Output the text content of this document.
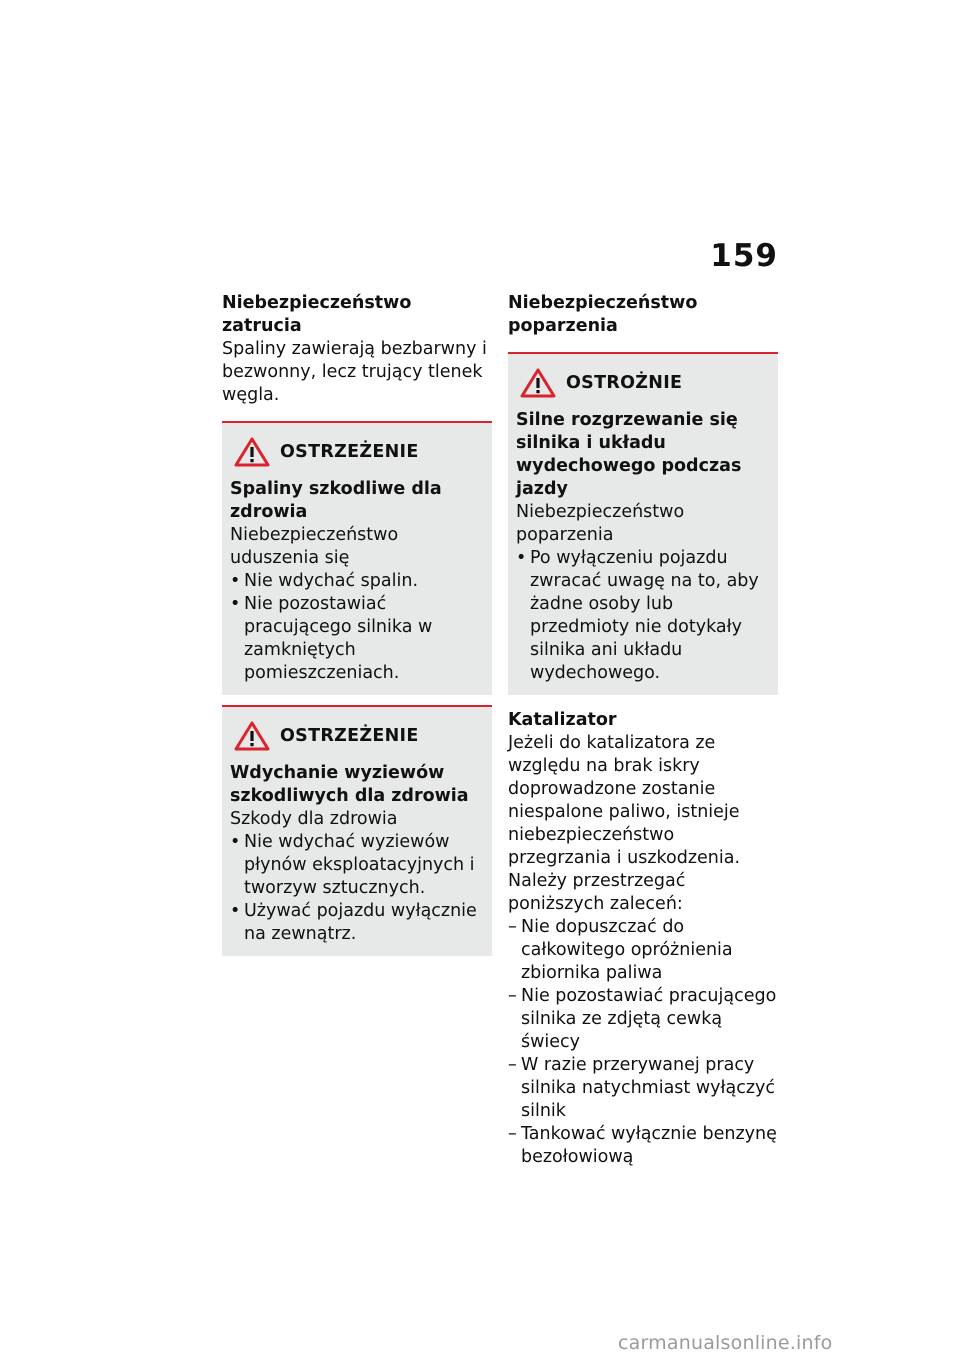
159

Niebezpieczeństwo zatrucia

Spaliny zawierają bezbarwny i bezwonny, lecz trujący tlenek węgla.

OSTRZEŻENIE

Spaliny szkodliwe dla zdrowia

Niebezpieczeństwo uduszenia się

• Nie wdychać spalin.
• Nie pozostawiać pracującego silnika w zamkniętych pomieszczeniach.
OSTRZEŻENIE

Wdychanie wyziewów szkodliwych dla zdrowia

Szkody dla zdrowia

• Nie wdychać wyziewów płynów eksploatacyjnych i tworzyw sztucznych.
• Używać pojazdu wyłącznie na zewnątrz.

Niebezpieczeństwo poparzenia

OSTROŻNIE

Silne rozgrzewanie się silnika i układu wydechowego podczas jazdy

Niebezpieczeństwo poparzenia

• Po wyłączeniu pojazdu zwracać uwagę na to, aby żadne osoby lub przedmioty nie dotykały silnika ani układu wydechowego.

Katalizator

Jeżeli do katalizatora ze względu na brak iskry doprowadzone zostanie niespalone paliwo, istnieje niebezpieczeństwo przegrzania i uszkodzenia.

Należy przestrzegać poniższych zaleceń:

– Nie dopuszczać do całkowitego opróżnienia zbiornika paliwa
– Nie pozostawiać pracującego silnika ze zdjętą cewką świecy
– W razie przerywanej pracy silnika natychmiast wyłączyć silnik
– Tankować wyłącznie benzynę bezołowiową
carmanualsonline.info
